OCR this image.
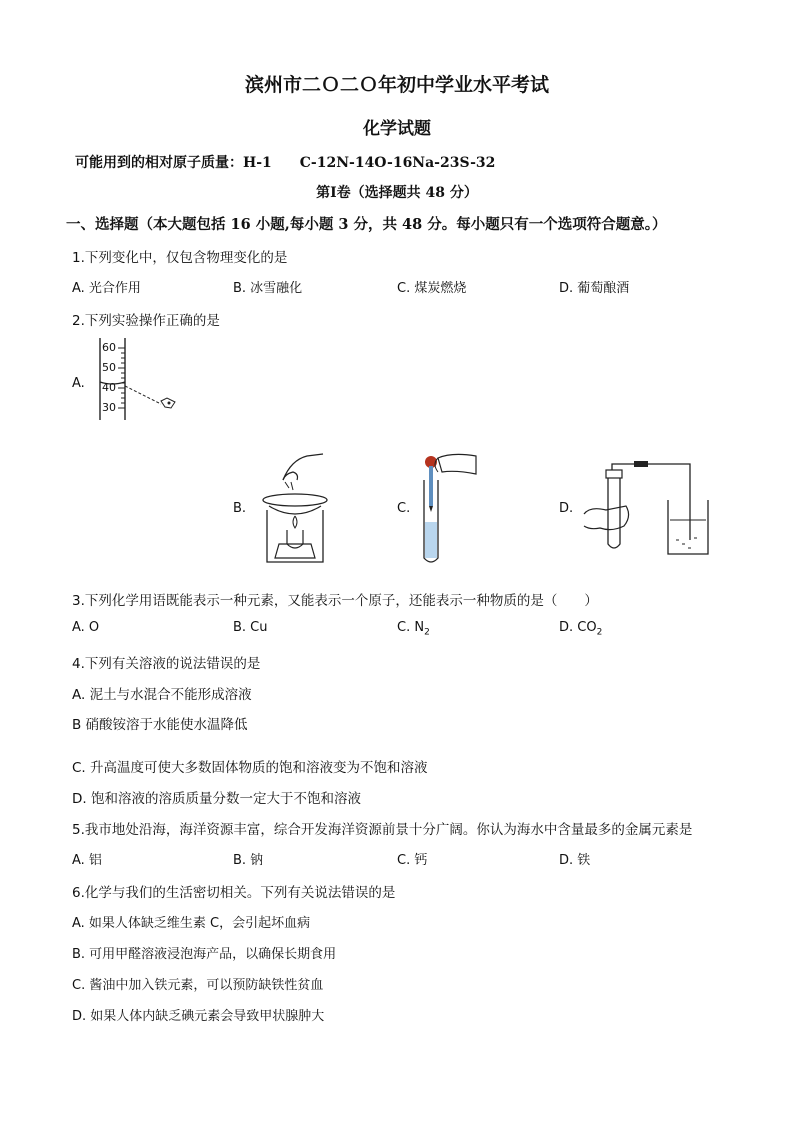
滨州市二Ｏ二Ｏ年初中学业水平考试
化学试题
可能用到的相对原子质量：H-1　　C-12N-14O-16Na-23S-32
第Ⅰ卷（选择题共 48 分）
一、选择题（本大题包括 16 小题,每小题 3 分，共 48 分。每小题只有一个选项符合题意。）
1.下列变化中，仅包含物理变化的是
A. 光合作用	B. 冰雪融化	C. 煤炭燃烧	D. 葡萄酿酒
2.下列实验操作正确的是
A.
60
50
40
30
B.	C.	D.
3.下列化学用语既能表示一种元素，又能表示一个原子，还能表示一种物质的是（　　）
A. O	B. Cu	C. $N_2$	D. $CO_2$
4.下列有关溶液的说法错误的是
A. 泥土与水混合不能形成溶液
B 硝酸铵溶于水能使水温降低
C. 升高温度可使大多数固体物质的饱和溶液变为不饱和溶液
D. 饱和溶液的溶质质量分数一定大于不饱和溶液
5.我市地处沿海，海洋资源丰富，综合开发海洋资源前景十分广阔。你认为海水中含量最多的金属元素是
A. 铝	B. 钠	C. 钙	D. 铁
6.化学与我们的生活密切相关。下列有关说法错误的是
A. 如果人体缺乏维生素 C，会引起坏血病
B. 可用甲醛溶液浸泡海产品，以确保长期食用
C. 酱油中加入铁元素，可以预防缺铁性贫血
D. 如果人体内缺乏碘元素会导致甲状腺肿大
